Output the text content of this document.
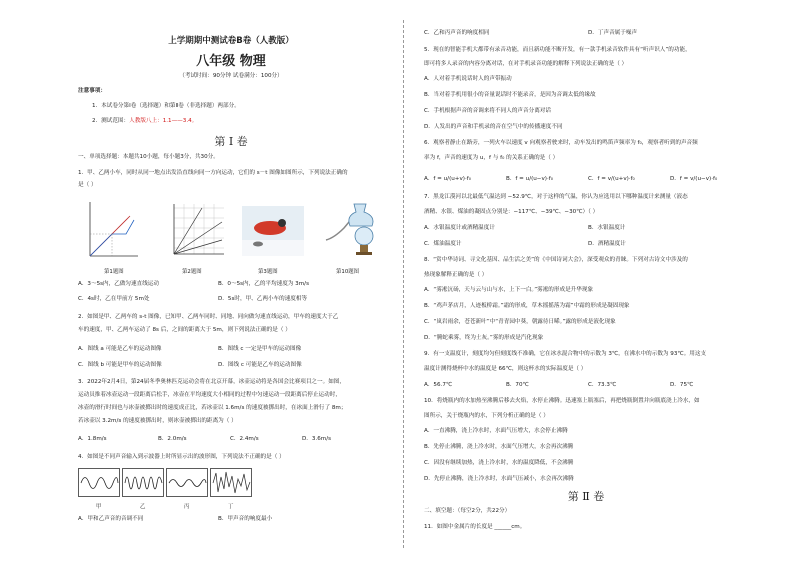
上学期期中测试卷B卷（人教版）
八年级 物理
（考试时间：90分钟 试卷满分：100分）
注意事项：
1．本试卷分第Ⅰ卷（选择题）和第Ⅱ卷（非选择题）两部分。
2．测试范围：人教版八上：1.1——3.4。
第 Ⅰ 卷
一、单项选择题：本题共10小题，每小题3分，共30分。
1．甲、乙两小车，同时从同一地点出发沿直线向同一方向运动，它们的 s－t 图像如图所示，下列说法正确的
是（ ）
第1题图	第2题图	第3题图	第10题图
A．3～5s内，乙做匀速直线运动	B．0～5s内，乙的平均速度为 3m/s
C．4s时，乙在甲前方 5m处	D．5s时，甲、乙两小车的速度相等
2．如图是甲、乙两车的 s-t 图像，已知甲、乙两车同时、同地、同向做匀速直线运动，甲车的速度大于乙
车的速度，甲、乙两车运动了 8s 后，之间的距离大于 5m，则下列说法正确的是（ ）
A．图线 a 可能是乙车的运动图像	B．图线 c 一定是甲车的运动图像
C．图线 b 可能是甲车的运动图像	D．图线 c 可能是乙车的运动图像
3．2022年2月4日，第24届冬季奥林匹克运动会将在北京开幕，冰壶运动将是各国会比赛项目之一。如图，
运动员推着冰壶运动一段距离后松手，冰壶在平均速度大小相同的过程中匀速运动一段距离后停止运动时，
冰壶的滑行时间也与冰壶被掷出时的速度成正比，若冰壶以 1.6m/s 的速度被掷出时，在冰面上滑行了 8m；
若冰壶以 3.2m/s 的速度被掷出时，则冰壶被掷出的距离为（ ）
A．1.8m/s	B．2.0m/s	C．2.4m/s	D．3.6m/s
4．如图是不同声音输入到示波器上时所显示出的波形图，下列说法不正确的是（ ）
甲	乙	丙	丁
A．甲和乙声音的音调不同	B．甲声音的响度最小
C．乙和丙声音的响度相同	D．丁声音属于噪声
5．现在的智能手机大都带有录音功能，而且新功能不断开发，有一款手机录音软件具有“听声识人”的功能，
即可将多人录音的内容分离对话，在对手机录音功能的解释下列说法正确的是（ ）
A．人对着手机说话时人的声带振动
B．当对着手机用很小的音量说话时不能录音，是因为音调太低的缘故
C．手机根据声音的音调来将不同人的声音分离对话
D．人发出的声音和手机录的音在空气中的传播速度不同
6．观察者静止在路旁，一列火车以速度 v 向观察者驶来时，动车发出的鸣笛声频率为 f₀，观察者听到的声音频
率为 f，声音的速度为 u，f 与 f₀ 的关系正确的是（ ）
A．f = u/(u+v)·f₀	B．f = u/(u−v)·f₀	C．f = v/(u+v)·f₀	D．f = v/(u−v)·f₀
7．黑龙江漠河以北最低气温达到 −52.9℃，对于这样的气温，你认为应选用以下哪种温度计来测量（液态
酒精、水银、煤油的凝固点分别是：−117℃、−39℃、−30℃）（ ）
A．水银温度计或酒精温度计	B．水银温度计
C．煤油温度计	D．酒精温度计
8．“赏中华诗词、寻文化基因、品生活之美”的《中国诗词大会》，深受观众的青睐。下列对古诗文中涉及的
热现象解释正确的是（ ）
A．“雾凇沆砀，天与云与山与水，上下一白。”雾凇的形成是升华现象
B．“鸡声茅店月，人迹板桥霜。”霜的形成，草木摇摇落为霜”中霜的形成是凝固现象
C．“岚岩雨余，苍苍新叶”中“青青园中葵，朝露待日晞。”露的形成是液化现象
D．“腾蛇乘雾，终为土灰。”雾的形成是汽化现象
9．有一支温度计，刻度均匀但刻度线不准确，它在冰水混合物中的示数为 3℃，在沸水中的示数为 93℃。用这支
温度计测得烧杯中水的温度是 66℃，则这杯水的实际温度是（ ）
A．56.7℃	B．70℃	C．73.3℃	D．75℃
10．将烧瓶内的水加热至沸腾后移去火焰，水停止沸腾。迅速塞上瓶塞后，再把烧瓶倒置并向瓶底浇上冷水，如
图所示，关于烧瓶内的水，下列分析正确的是（ ）
A．一直沸腾，浇上冷水时，水面气压增大，水会停止沸腾
B．先停止沸腾，浇上冷水时，水面气压增大，水会再次沸腾
C．因没有继续加热，浇上冷水时，水的温度降低，不会沸腾
D．先停止沸腾，浇上冷水时，水面气压减小，水会再次沸腾
第 Ⅱ 卷
二、填空题：（每空2分，共22分）
11．如图中金属片的长度是 ______cm。
